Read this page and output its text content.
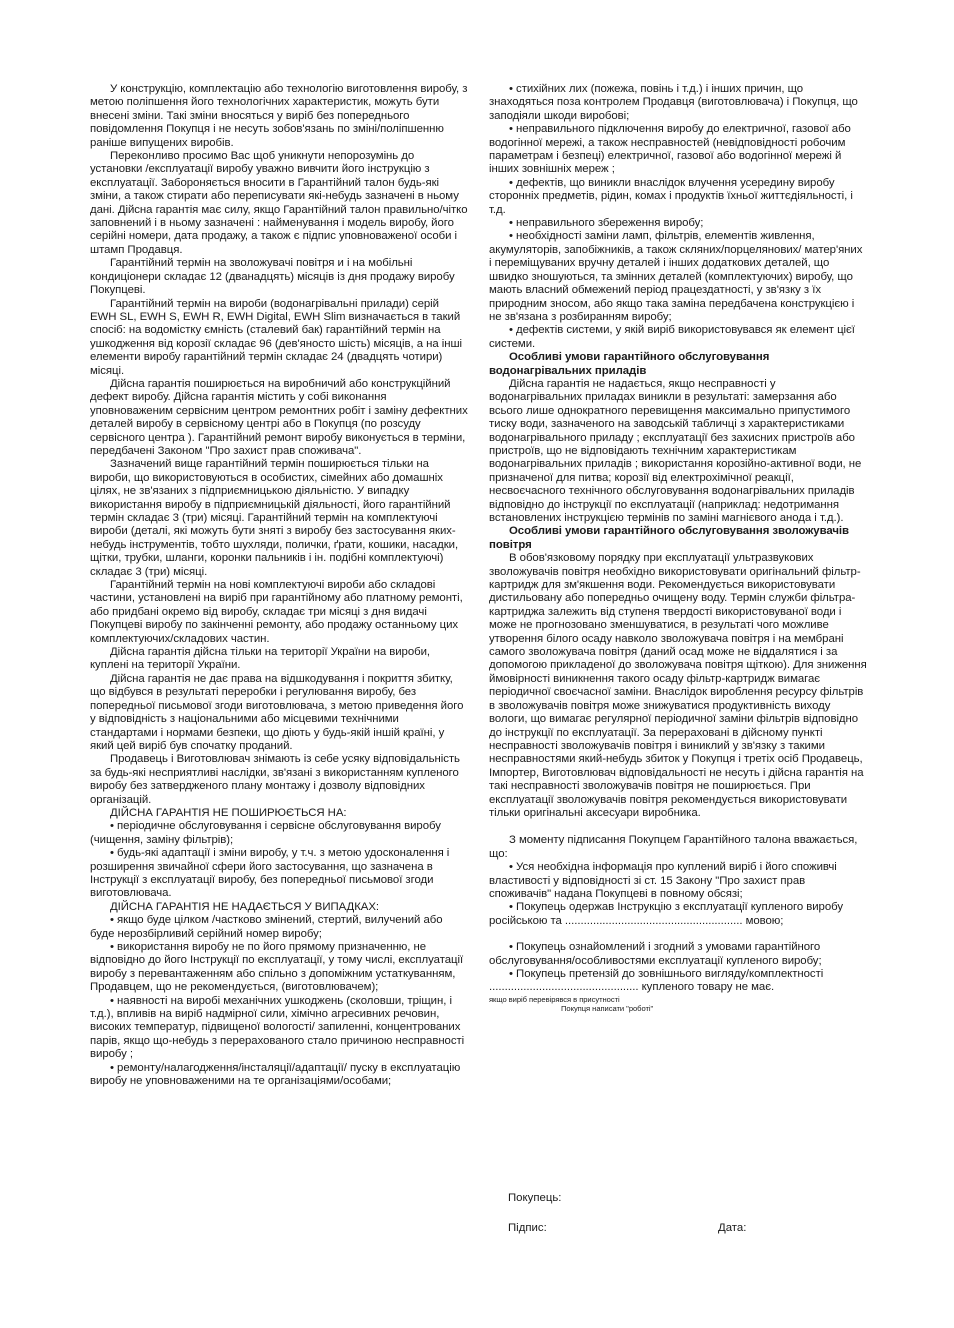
У конструкцію, комплектацію або технологію виготовлення виробу, з метою поліпшення його технологічних характеристик, можуть бути внесені зміни. Такі зміни вносяться у виріб без попереднього повідомлення Покупця і не несуть зобов'язань по зміні/поліпшенню раніше випущених виробів.

Переконливо просимо Вас щоб уникнути непорозумінь до установки /експлуатації виробу уважно вивчити його інструкцію з експлуатації. Забороняється вносити в Гарантійний талон будь-які зміни, а також стирати або переписувати які-небудь зазначені в ньому дані. Дійсна гарантія має силу, якщо Гарантійний талон правильно/чітко заповнений і в ньому зазначені : найменування і модель виробу, його серійні номери, дата продажу, а також є підпис уповноваженої особи і штамп Продавця.

Гарантійний термін на зволожувачі повітря и і на мобільні кондиціонери складає 12 (дванадцять) місяців із дня продажу виробу Покупцеві.

Гарантійний термін на вироби (водонагрівальні прилади) серій EWH SL, EWH S, EWH R, EWH Digital, EWH Slim визначається в такий спосіб: на водомістку ємність (сталевий бак) гарантійний термін на ушкодження від корозії складає 96 (дев'яносто шість) місяців, а на інші елементи виробу гарантійний термін складає 24 (двадцять чотири) місяці.

Дійсна гарантія поширюється на виробничий або конструкційний дефект виробу. Дійсна гарантія містить у собі виконання уповноваженим сервісним центром ремонтних робіт і заміну дефектних деталей виробу в сервісному центрі або в Покупця (по розсуду сервісного центра ). Гарантійний ремонт виробу виконується в терміни, передбачені Законом "Про захист прав споживача".

Зазначений вище гарантійний термін поширюється тільки на вироби, що використовуються в особистих, сімейних або домашніх цілях, не зв'язаних з підприємницькою діяльністю. У випадку використання виробу в підприємницькій діяльності, його гарантійний термін складає 3 (три) місяці. Гарантійний термін на комплектуючі вироби (деталі, які можуть бути зняті з виробу без застосування яких-небудь інструментів, тобто шухляди, полички, ґрати, кошики, насадки, щітки, трубки, шланги, коронки пальників і ін. подібні комплектуючі) складає 3 (три) місяці.

Гарантійний термін на нові комплектуючі вироби або складові частини, установлені на виріб при гарантійному або платному ремонті, або придбані окремо від виробу, складає три місяці з дня видачі Покупцеві виробу по закінченні ремонту, або продажу останньому цих комплектуючих/складових частин.

Дійсна гарантія дійсна тільки на території України на вироби, куплені на території України.

Дійсна гарантія не дає права на відшкодування і покриття збитку, що відбувся в результаті переробки і регулювання виробу, без попередньої письмової згоди виготовлювача, з метою приведення його у відповідність з національними або місцевими технічними стандартами і нормами безпеки, що діють у будь-якій іншій країні, у який цей виріб був спочатку проданий.

Продавець і Виготовлювач знімають із себе усяку відповідальність за будь-які несприятливі наслідки, зв'язані з використанням купленого виробу без затвердженого плану монтажу і дозволу відповідних організацій.

ДІЙСНА ГАРАНТІЯ НЕ ПОШИРЮЄТЬСЯ НА:

• періодичне обслуговування і сервісне обслуговування виробу (чищення, заміну фільтрів);

• будь-які адаптації і зміни виробу, у т.ч. з метою удосконалення і розширення звичайної сфери його застосування, що зазначена в Інструкції з експлуатації виробу, без попередньої письмової згоди виготовлювача.

ДІЙСНА ГАРАНТІЯ НЕ НАДАЄТЬСЯ У ВИПАДКАХ:

• якщо буде цілком /частково змінений, стертий, вилучений або буде нерозбірливий серійний номер виробу;

• використання виробу не по його прямому призначенню, не відповідно до його Інструкції по експлуатації, у тому числі, експлуатації виробу з перевантаженням або спільно з допоміжним устаткуванням, Продавцем, що не рекомендується, (виготовлювачем);

• наявності на виробі механічних ушкоджень (сколовши, тріщин, і т.д.), впливів на виріб надмірної сили, хімічно агресивних речовин, високих температур, підвищеної вологості/ запиленні, концентрованих парів, якщо що-небудь з перерахованого стало причиною несправності виробу ;

• ремонту/налагодження/інсталяції/адаптації/ пуску в експлуатацію виробу не уповноваженими на те організаціями/особами;

• стихійних лих (пожежа, повінь і т.д.) і інших причин, що знаходяться поза контролем Продавця (виготовлювача) і Покупця, що заподіяли шкоди виробові;

• неправильного підключення виробу до електричної, газової або водогінної мережі, а також несправностей (невідповідності робочим параметрам і безпеці) електричної, газової або водогінної мережі й інших зовнішніх мереж ;

• дефектів, що виникли внаслідок влучення усередину виробу сторонніх предметів, рідин, комах і продуктів їхньої життєдіяльності, і т.д.

• неправильного збереження виробу;

• необхідності заміни ламп, фільтрів, елементів живлення, акумуляторів, запобіжників, а також скляних/порцелянових/ матер'яних і переміщуваних вручну деталей і інших додаткових деталей, що швидко зношуються, та змінних деталей (комплектуючих) виробу, що мають власний обмежений період працездатності, у зв'язку з їх природним зносом, або якщо така заміна передбачена конструкцією і не зв'язана з розбиранням виробу;

• дефектів системи, у якій виріб використовувався як елемент цієї системи.

Особливі умови гарантійного обслуговування водонагрівальних приладів

Дійсна гарантія не надається, якщо несправності у водонагрівальних приладах виникли в результаті: замерзання або всього лише однократного перевищення максимально припустимого тиску води, зазначеного на заводській табличці з характеристиками водонагрівального приладу ; експлуатації без захисних пристроїв або пристроїв, що не відповідають технічним характеристикам водонагрівальних приладів ; використання корозійно-активної води, не призначеної для питва; корозії від електрохімічної реакції, несвоєчасного технічного обслуговування водонагрівальних приладів відповідно до інструкції по експлуатації (наприклад: недотримання встановлених інструкцією термінів по заміні магнієвого анода і т.д.).

Особливі умови гарантійного обслуговування зволожувачів повітря

В обов'язковому порядку при експлуатації ультразвукових зволожувачів повітря необхідно використовувати оригінальний фільтр-картридж для зм'якшення води. Рекомендується використовувати дистильовану або попередньо очищену воду. Термін служби фільтра-картриджа залежить від ступеня твердості використовуваної води і може не прогнозовано зменшуватися, в результаті чого можливе утворення білого осаду навколо зволожувача повітря і на мембрані самого зволожувача повітря (даний осад може не віддалятися і за допомогою прикладеної до зволожувача повітря щіткою). Для зниження ймовірності виникнення такого осаду фільтр-картридж вимагає періодичної своєчасної заміни. Внаслідок вироблення ресурсу фільтрів в зволожувачів повітря може знижуватися продуктивність виходу вологи, що вимагає регулярної періодичної заміни фільтрів відповідно до інструкції по експлуатації. За перераховані в дійсному пункті несправності зволожувачів повітря і виниклий у зв'язку з такими несправностями який-небудь збиток у Покупця і третіх осіб Продавець, Імпортер, Виготовлювач відповідальності не несуть і дійсна гарантія на такі несправності зволожувачів повітря не поширюється. При експлуатації зволожувачів повітря рекомендується використовувати тільки оригінальні аксесуари виробника.

З моменту підписання Покупцем Гарантійного талона вважається, що:

• Уся необхідна інформація про куплений виріб і його споживчі властивості у відповідності зі ст. 15 Закону "Про захист прав споживачів" надана Покупцеві в повному обсязі;

• Покупець одержав Інструкцію з експлуатації купленого виробу російською та ......................................................... мовою;

• Покупець ознайомлений і згодний з умовами гарантійного обслуговування/особливостями експлуатації купленого виробу;

• Покупець претензій до зовнішнього вигляду/комплектності ................................................ купленого товару не має.

якщо виріб перевірявся в присутності

Покупця написати "роботі"

Покупець:
Підпис:	Дата:
